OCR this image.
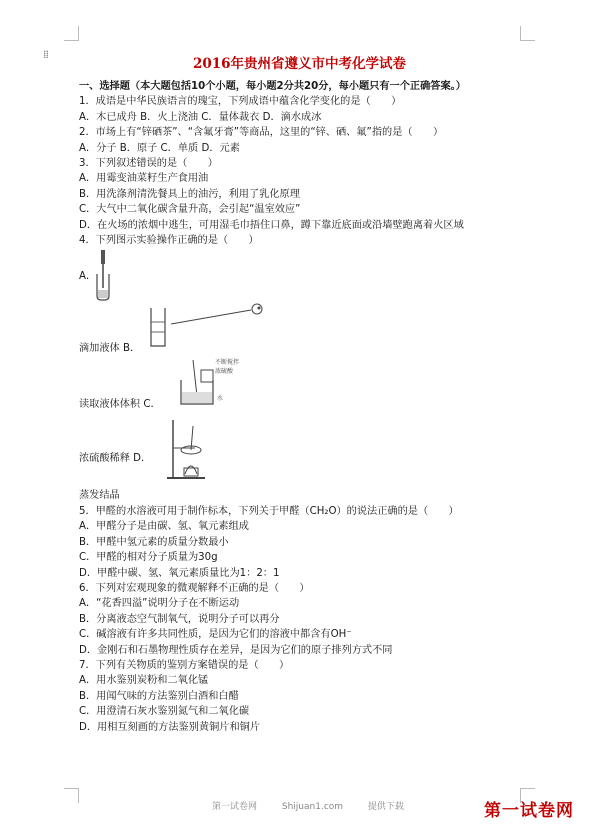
⁞⁞
2016年贵州省遵义市中考化学试卷
一、选择题（本大题包括10个小题，每小题2分共20分，每小题只有一个正确答案。）
1．成语是中华民族语言的瑰宝，下列成语中蕴含化学变化的是（　　）
A．木已成舟 B．火上浇油 C．量体裁衣 D．滴水成冰
2．市场上有“锌硒茶”、“含氟牙膏”等商品，这里的“锌、硒、氟”指的是（　　）
A．分子 B．原子 C．单质 D．元素
3．下列叙述错误的是（　　）
A．用霉变油菜籽生产食用油
B．用洗涤剂清洗餐具上的油污，利用了乳化原理
C．大气中二氧化碳含量升高，会引起“温室效应”
D．在火场的浓烟中逃生，可用湿毛巾捂住口鼻，蹲下靠近底面或沿墙壁跑离着火区域
4．下列图示实验操作正确的是（　　）
A．
滴加液体 B．
不断搅拌
浓硫酸
水
读取液体体积 C．
浓硫酸稀释 D．
蒸发结晶
5．甲醛的水溶液可用于制作标本，下列关于甲醛（CH₂O）的说法正确的是（　　）
A．甲醛分子是由碳、氢、氧元素组成
B．甲醛中氢元素的质量分数最小
C．甲醛的相对分子质量为30g
D．甲醛中碳、氢、氧元素质量比为1：2：1
6．下列对宏观现象的微观解释不正确的是（　　）
A．“花香四溢”说明分子在不断运动
B．分离液态空气制氧气，说明分子可以再分
C．碱溶液有许多共同性质，是因为它们的溶液中都含有OH⁻
D．金刚石和石墨物理性质存在差异，是因为它们的原子排列方式不同
7．下列有关物质的鉴别方案错误的是（　　）
A．用水鉴别炭粉和二氧化锰
B．用闻气味的方法鉴别白酒和白醋
C．用澄清石灰水鉴别氮气和二氧化碳
D．用相互刻画的方法鉴别黄铜片和铜片
第一试卷网	Shijuan1.com	提供下载	第一试卷网
